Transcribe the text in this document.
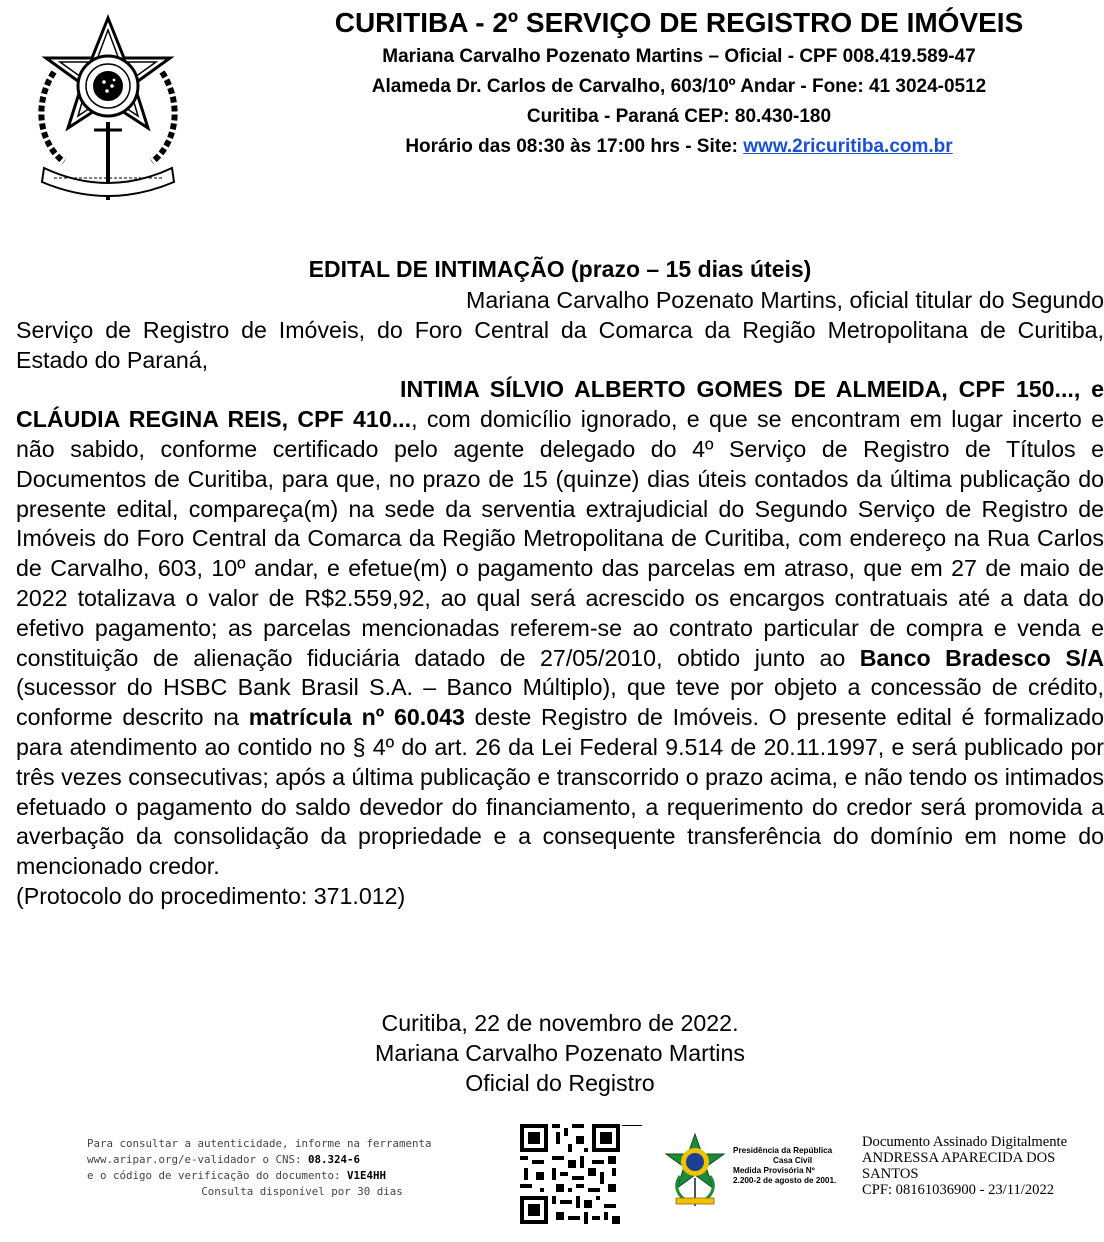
CURITIBA - 2º SERVIÇO DE REGISTRO DE IMÓVEIS
Mariana Carvalho Pozenato Martins – Oficial - CPF 008.419.589-47
Alameda Dr. Carlos de Carvalho, 603/10º Andar - Fone: 41 3024-0512
Curitiba - Paraná CEP: 80.430-180
Horário das 08:30 às 17:00 hrs - Site: www.2ricuritiba.com.br
EDITAL DE INTIMAÇÃO (prazo – 15 dias úteis)

Mariana Carvalho Pozenato Martins, oficial titular do Segundo Serviço de Registro de Imóveis, do Foro Central da Comarca da Região Metropolitana de Curitiba, Estado do Paraná,

INTIMA SÍLVIO ALBERTO GOMES DE ALMEIDA, CPF 150..., e CLÁUDIA REGINA REIS, CPF 410..., com domicílio ignorado, e que se encontram em lugar incerto e não sabido, conforme certificado pelo agente delegado do 4º Serviço de Registro de Títulos e Documentos de Curitiba, para que, no prazo de 15 (quinze) dias úteis contados da última publicação do presente edital, compareça(m) na sede da serventia extrajudicial do Segundo Serviço de Registro de Imóveis do Foro Central da Comarca da Região Metropolitana de Curitiba, com endereço na Rua Carlos de Carvalho, 603, 10º andar, e efetue(m) o pagamento das parcelas em atraso, que em 27 de maio de 2022 totalizava o valor de R$2.559,92, ao qual será acrescido os encargos contratuais até a data do efetivo pagamento; as parcelas mencionadas referem-se ao contrato particular de compra e venda e constituição de alienação fiduciária datado de 27/05/2010, obtido junto ao Banco Bradesco S/A (sucessor do HSBC Bank Brasil S.A. – Banco Múltiplo), que teve por objeto a concessão de crédito, conforme descrito na matrícula nº 60.043 deste Registro de Imóveis. O presente edital é formalizado para atendimento ao contido no § 4º do art. 26 da Lei Federal 9.514 de 20.11.1997, e será publicado por três vezes consecutivas; após a última publicação e transcorrido o prazo acima, e não tendo os intimados efetuado o pagamento do saldo devedor do financiamento, a requerimento do credor será promovida a averbação da consolidação da propriedade e a consequente transferência do domínio em nome do mencionado credor.

(Protocolo do procedimento: 371.012)

Curitiba, 22 de novembro de 2022.
Mariana Carvalho Pozenato Martins
Oficial do Registro
Para consultar a autenticidade, informe na ferramenta
www.aripar.org/e-validador o CNS: 08.324-6
e o código de verificação do documento: V1E4HH
Consulta disponível por 30 dias
Presidência da República
Casa Civil
Medida Provisória Nº
2.200-2 de agosto de 2001.
Documento Assinado Digitalmente
ANDRESSA APARECIDA DOS
SANTOS
CPF: 08161036900 - 23/11/2022
